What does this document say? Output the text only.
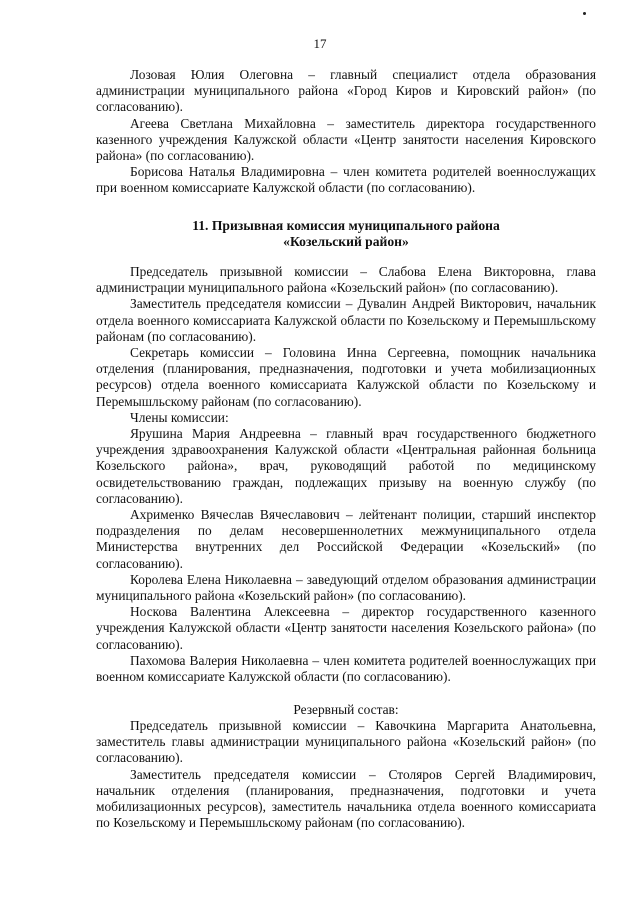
17

Лозовая Юлия Олеговна – главный специалист отдела образования администрации муниципального района «Город Киров и Кировский район» (по согласованию).

Агеева Светлана Михайловна – заместитель директора государственного казенного учреждения Калужской области «Центр занятости населения Кировского района» (по согласованию).

Борисова Наталья Владимировна – член комитета родителей военнослужащих при военном комиссариате Калужской области (по согласованию).

11. Призывная комиссия муниципального района
«Козельский район»

Председатель призывной комиссии – Слабова Елена Викторовна, глава администрации муниципального района «Козельский район» (по согласованию).

Заместитель председателя комиссии – Дувалин Андрей Викторович, начальник отдела военного комиссариата Калужской области по Козельскому и Перемышльскому районам (по согласованию).

Секретарь комиссии – Головина Инна Сергеевна, помощник начальника отделения (планирования, предназначения, подготовки и учета мобилизационных ресурсов) отдела военного комиссариата Калужской области по Козельскому и Перемышльскому районам (по согласованию).

Члены комиссии:

Ярушина Мария Андреевна – главный врач государственного бюджетного учреждения здравоохранения Калужской области «Центральная районная больница Козельского района», врач, руководящий работой по медицинскому освидетельствованию граждан, подлежащих призыву на военную службу (по согласованию).

Ахрименко Вячеслав Вячеславович – лейтенант полиции, старший инспектор подразделения по делам несовершеннолетних межмуниципального отдела Министерства внутренних дел Российской Федерации «Козельский» (по согласованию).

Королева Елена Николаевна – заведующий отделом образования администрации муниципального района «Козельский район» (по согласованию).

Носкова Валентина Алексеевна – директор государственного казенного учреждения Калужской области «Центр занятости населения Козельского района» (по согласованию).

Пахомова Валерия Николаевна – член комитета родителей военнослужащих при военном комиссариате Калужской области (по согласованию).

Резервный состав:

Председатель призывной комиссии – Кавочкина Маргарита Анатольевна, заместитель главы администрации муниципального района «Козельский район» (по согласованию).

Заместитель председателя комиссии – Столяров Сергей Владимирович, начальник отделения (планирования, предназначения, подготовки и учета мобилизационных ресурсов), заместитель начальника отдела военного комиссариата по Козельскому и Перемышльскому районам (по согласованию).
